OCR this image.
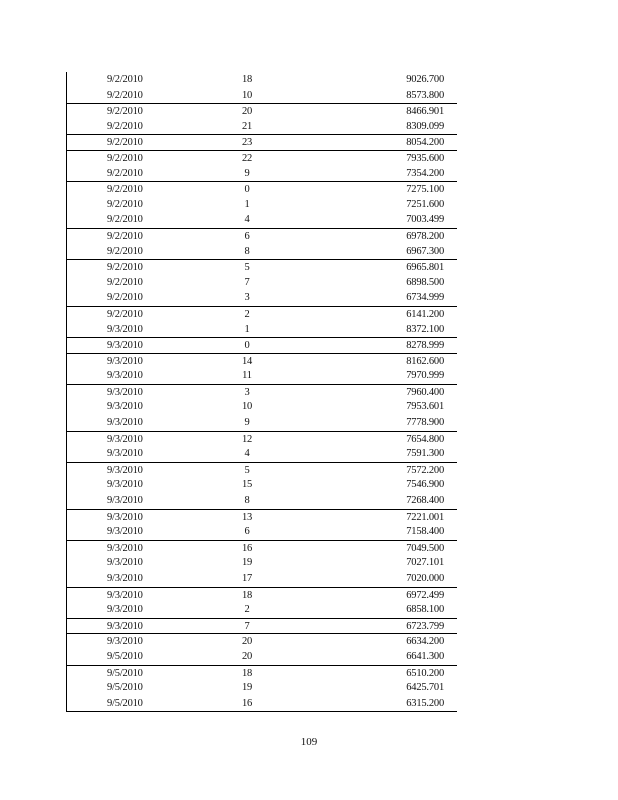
9/2/2010	18	9026.700
9/2/2010	10	8573.800
9/2/2010	20	8466.901
9/2/2010	21	8309.099
9/2/2010	23	8054.200
9/2/2010	22	7935.600
9/2/2010	9	7354.200
9/2/2010	0	7275.100
9/2/2010	1	7251.600
9/2/2010	4	7003.499
9/2/2010	6	6978.200
9/2/2010	8	6967.300
9/2/2010	5	6965.801
9/2/2010	7	6898.500
9/2/2010	3	6734.999
9/2/2010	2	6141.200
9/3/2010	1	8372.100
9/3/2010	0	8278.999
9/3/2010	14	8162.600
9/3/2010	11	7970.999
9/3/2010	3	7960.400
9/3/2010	10	7953.601
9/3/2010	9	7778.900
9/3/2010	12	7654.800
9/3/2010	4	7591.300
9/3/2010	5	7572.200
9/3/2010	15	7546.900
9/3/2010	8	7268.400
9/3/2010	13	7221.001
9/3/2010	6	7158.400
9/3/2010	16	7049.500
9/3/2010	19	7027.101
9/3/2010	17	7020.000
9/3/2010	18	6972.499
9/3/2010	2	6858.100
9/3/2010	7	6723.799
9/3/2010	20	6634.200
9/5/2010	20	6641.300
9/5/2010	18	6510.200
9/5/2010	19	6425.701
9/5/2010	16	6315.200
109
